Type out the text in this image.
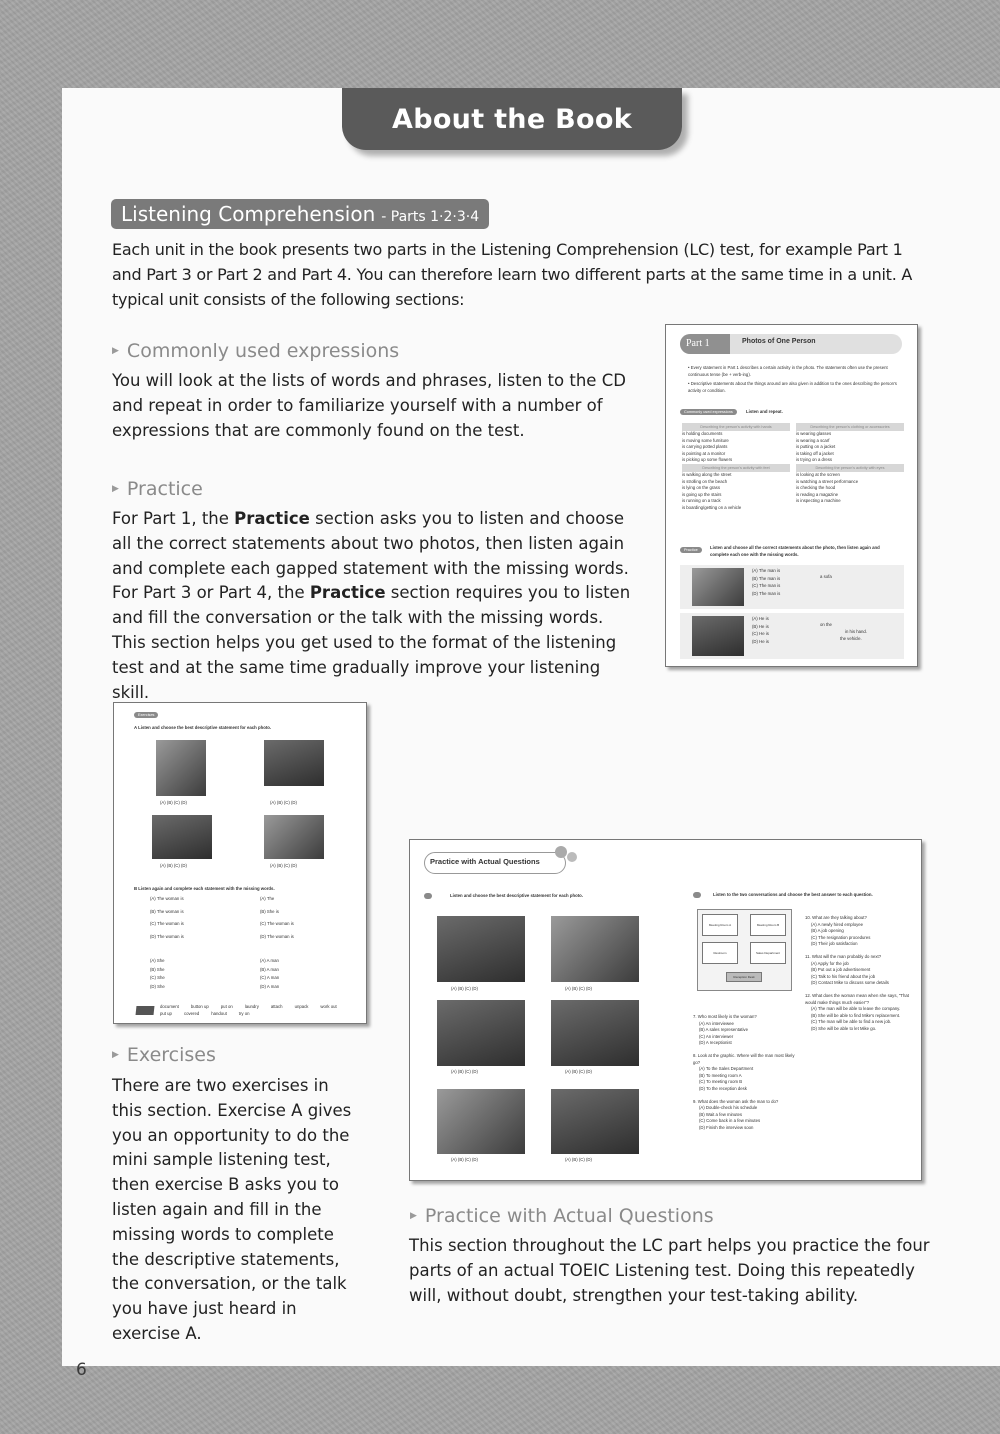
About the Book
Listening Comprehension - Parts 1·2·3·4
Each unit in the book presents two parts in the Listening Comprehension (LC) test, for example Part 1 and Part 3 or Part 2 and Part 4. You can therefore learn two different parts at the same time in a unit. A typical unit consists of the following sections:
▶ Commonly used expressions
You will look at the lists of words and phrases, listen to the CD and repeat in order to familiarize yourself with a number of expressions that are commonly found on the test.
▶ Practice
For Part 1, the Practice section asks you to listen and choose all the correct statements about two photos, then listen again and complete each gapped statement with the missing words. For Part 3 or Part 4, the Practice section requires you to listen and fill the conversation or the talk with the missing words. This section helps you get used to the format of the listening test and at the same time gradually improve your listening skill.
▶ Exercises
There are two exercises in this section. Exercise A gives you an opportunity to do the mini sample listening test, then exercise B asks you to listen again and fill in the missing words to complete the descriptive statements, the conversation, or the talk you have just heard in exercise A.
▶ Practice with Actual Questions
This section throughout the LC part helps you practice the four parts of an actual TOEIC Listening test. Doing this repeatedly will, without doubt, strengthen your test-taking ability.
Part 1	Photos of One Person
• Every statement in Part 1 describes a certain activity in the photo. The statements often use the present continuous tense (be + verb-ing).
• Descriptive statements about the things around are also given in addition to the ones describing the person's activity or condition.
Commonly used expressions	Listen and repeat.
Describing the person's activity with hands
is holding documents
is moving some furniture
is carrying potted plants
is pointing at a monitor
is picking up some flowers
Describing the person's clothing or accessories
is wearing glasses
is wearing a scarf
is putting on a jacket
is taking off a jacket
is trying on a dress
Describing the person's activity with feet
is walking along the street
is strolling on the beach
is lying on the grass
is going up the stairs
is running on a track
is boarding/getting on a vehicle
Describing the person's activity with eyes
is looking at the screen
is watching a street performance
is checking the hood
is reading a magazine
is inspecting a machine
Practice	Listen and choose all the correct statements about the photo, then listen again and complete each one with the missing words.
(A) The man is
(B) The man is
(C) The man is
(D) The man is
a sofa
(A) He is
(B) He is
(C) He is
(D) He is
on the
in his hand.
the vehicle.
Exercises
A Listen and choose the best descriptive statement for each photo.
(A) (B) (C) (D)	(A) (B) (C) (D)
(A) (B) (C) (D)	(A) (B) (C) (D)
B Listen again and complete each statement with the missing words.
(A) The woman is
(B) The woman is
(C) The woman is
(D) The woman is
(A) The
(B) She is
(C) The woman is
(D) The woman is
(A) She
(B) She
(C) She
(D) She
(A) A man
(B) A man
(C) A man
(D) A man
document	button up	put on	laundry	attach	unpack	work out
put up	covered	handout	try on
Practice with Actual Questions
Listen and choose the best descriptive statement for each photo.
(A) (B) (C) (D)	(A) (B) (C) (D)
(A) (B) (C) (D)	(A) (B) (C) (D)
(A) (B) (C) (D)	(A) (B) (C) (D)
Listen to the two conversations and choose the best answer to each question.
Meeting Room A	Meeting Room B
Restroom	Sales Department
Reception Desk
7. Who most likely is the woman?
(A) An interviewee
(B) A sales representative
(C) An interviewer
(D) A receptionist
8. Look at the graphic. Where will the man most likely go?
(A) To the Sales Department
(B) To meeting room A
(C) To meeting room B
(D) To the reception desk
9. What does the woman ask the man to do?
(A) Double-check his schedule
(B) Wait a few minutes
(C) Come back in a few minutes
(D) Finish the interview soon
10. What are they talking about?
(A) A newly hired employee
(B) A job opening
(C) The resignation procedures
(D) Their job satisfaction
11. What will the man probably do next?
(A) Apply for the job
(B) Put out a job advertisement
(C) Talk to his friend about the job
(D) Contact Mike to discuss some details
12. What does the woman mean when she says, "That would make things much easier"?
(A) The man will be able to leave the company.
(B) She will be able to find Mike's replacement.
(C) The man will be able to find a new job.
(D) She will be able to let Mike go.
6
